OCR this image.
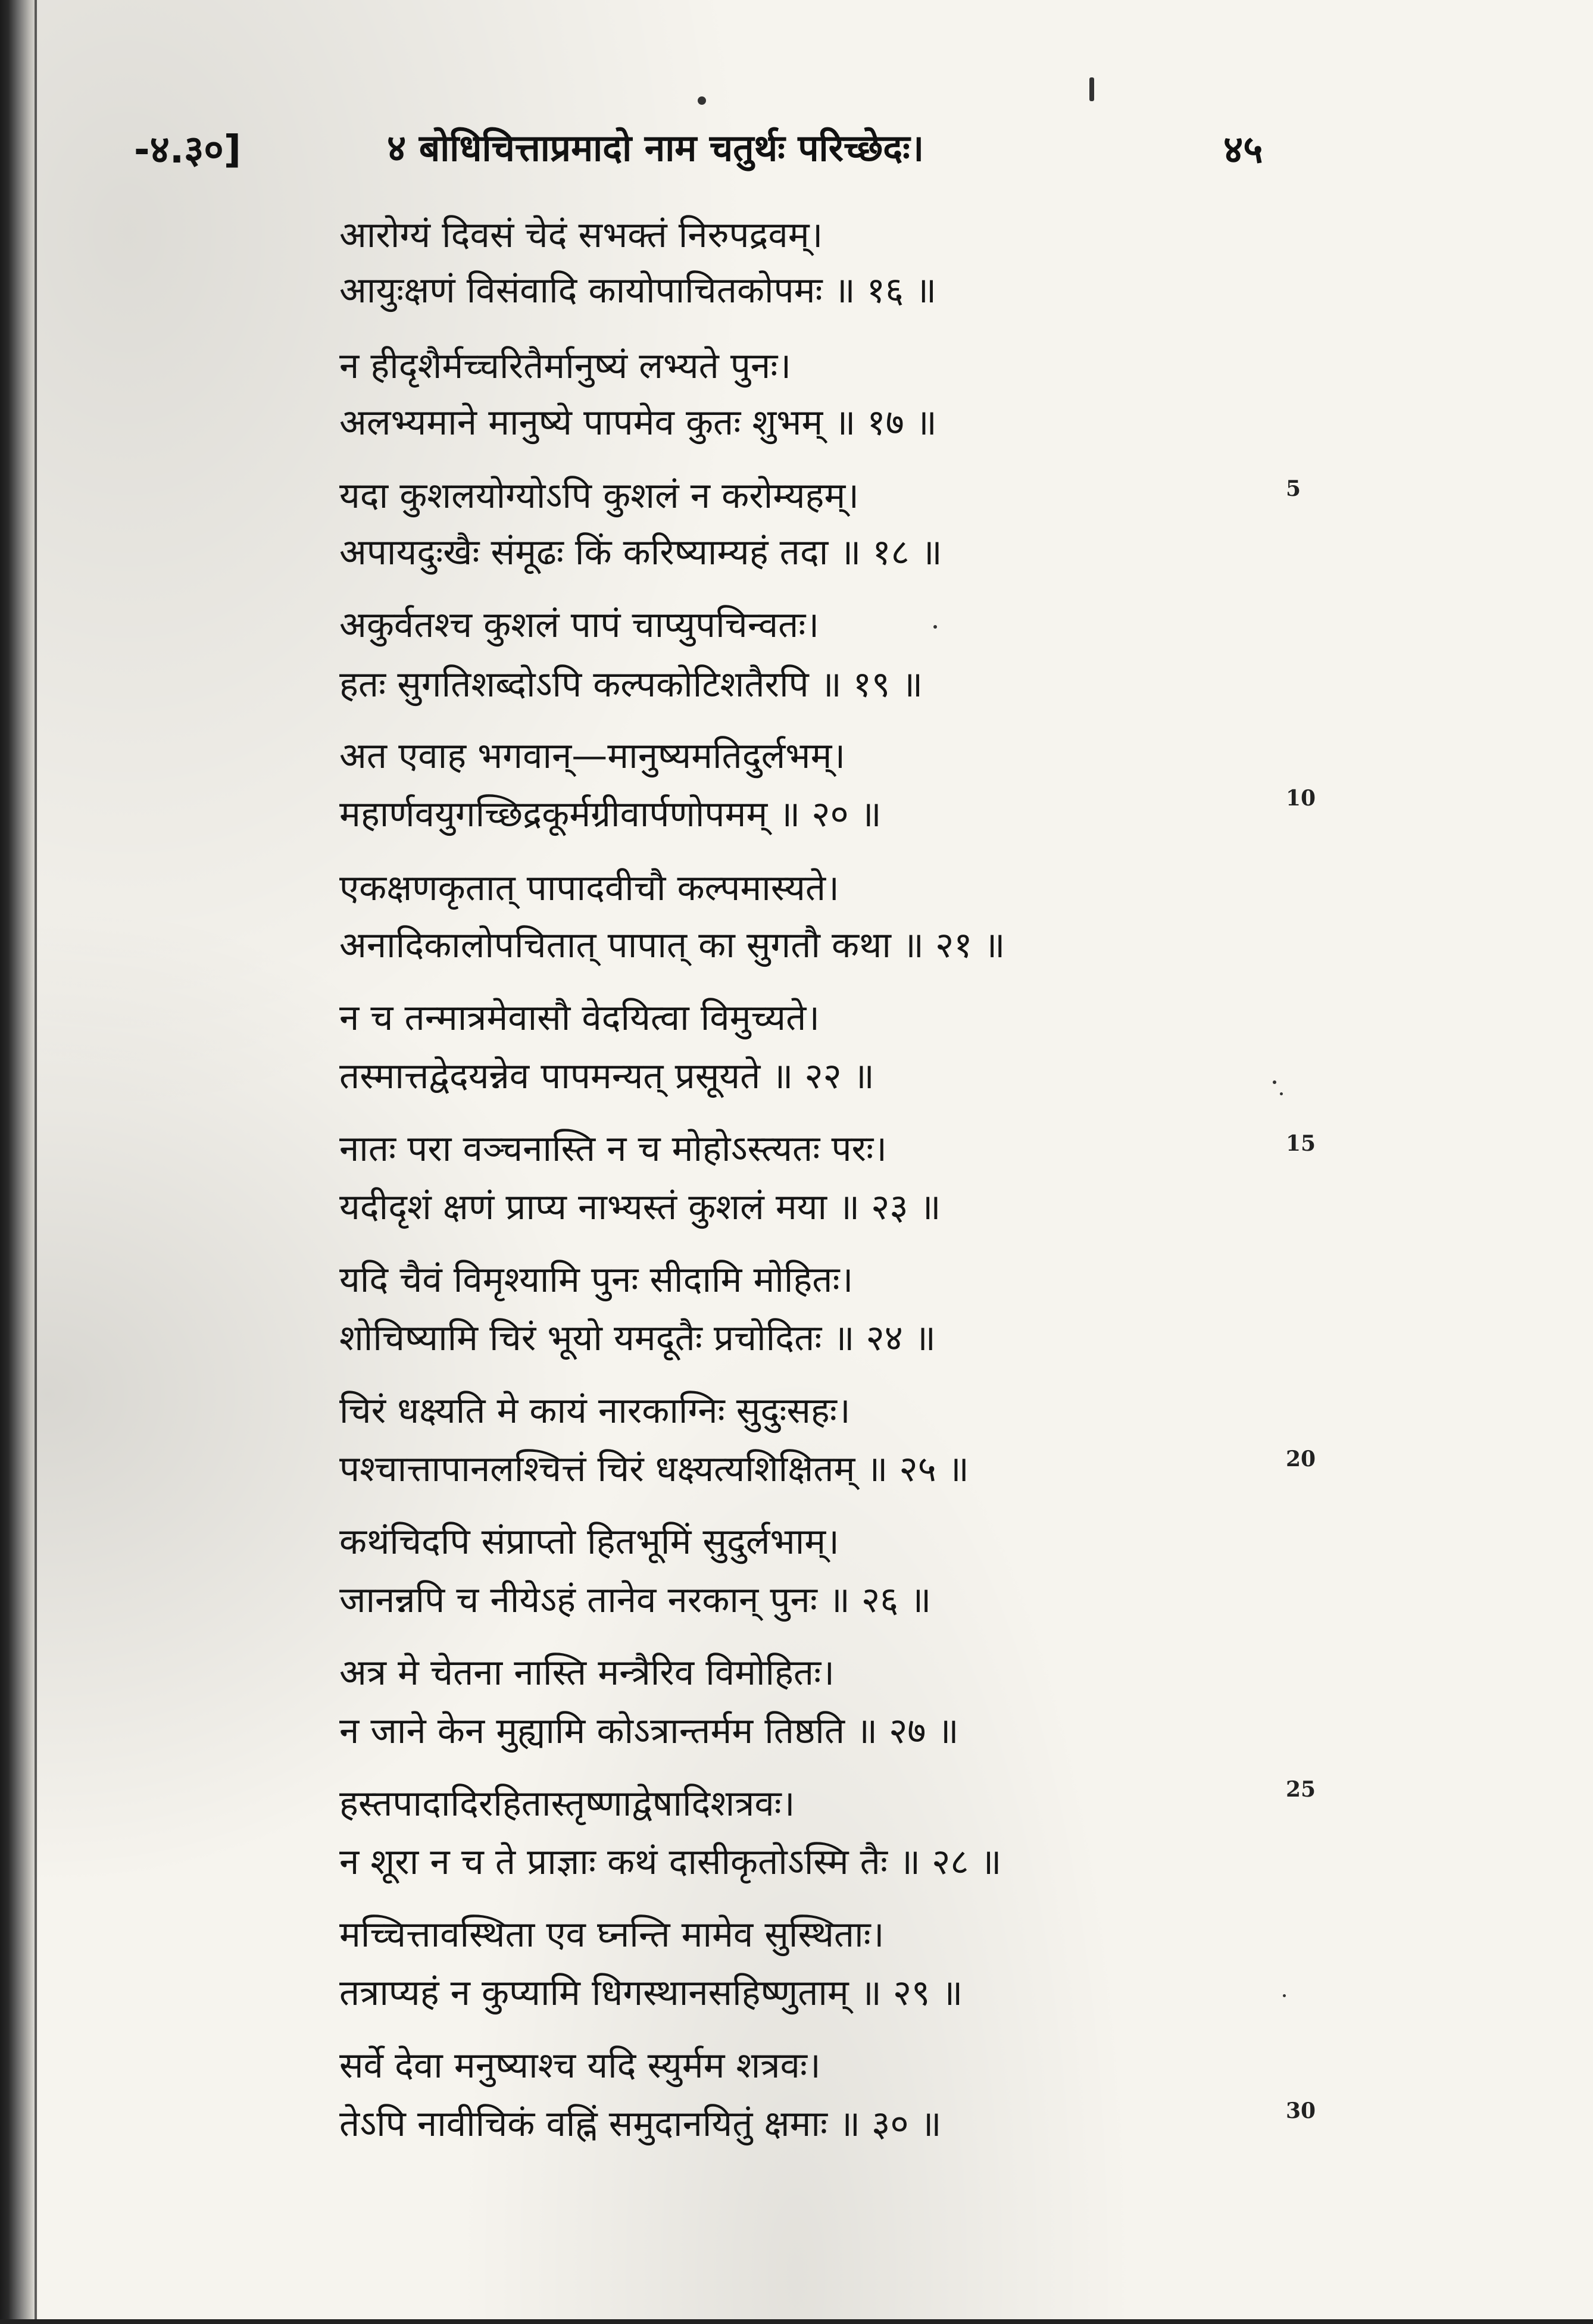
-४.३०]	४ बोधिचित्ताप्रमादो नाम चतुर्थः परिच्छेदः।	४५
आरोग्यं दिवसं चेदं सभक्तं निरुपद्रवम्।
आयुःक्षणं विसंवादि कायोपाचितकोपमः ॥ १६ ॥
न हीदृशैर्मच्चरितैर्मानुष्यं लभ्यते पुनः।
अलभ्यमाने मानुष्ये पापमेव कुतः शुभम् ॥ १७ ॥
यदा कुशलयोग्योऽपि कुशलं न करोम्यहम्।
अपायदुःखैः संमूढः किं करिष्याम्यहं तदा ॥ १८ ॥
अकुर्वतश्च कुशलं पापं चाप्युपचिन्वतः।
हतः सुगतिशब्दोऽपि कल्पकोटिशतैरपि ॥ १९ ॥
अत एवाह भगवान्—मानुष्यमतिदुर्लभम्।
महार्णवयुगच्छिद्रकूर्मग्रीवार्पणोपमम् ॥ २० ॥
एकक्षणकृतात् पापादवीचौ कल्पमास्यते।
अनादिकालोपचितात् पापात् का सुगतौ कथा ॥ २१ ॥
न च तन्मात्रमेवासौ वेदयित्वा विमुच्यते।
तस्मात्तद्वेदयन्नेव पापमन्यत् प्रसूयते ॥ २२ ॥
नातः परा वञ्चनास्ति न च मोहोऽस्त्यतः परः।
यदीदृशं क्षणं प्राप्य नाभ्यस्तं कुशलं मया ॥ २३ ॥
यदि चैवं विमृश्यामि पुनः सीदामि मोहितः।
शोचिष्यामि चिरं भूयो यमदूतैः प्रचोदितः ॥ २४ ॥
चिरं धक्ष्यति मे कायं नारकाग्निः सुदुःसहः।
पश्चात्तापानलश्चित्तं चिरं धक्ष्यत्यशिक्षितम् ॥ २५ ॥
कथंचिदपि संप्राप्तो हितभूमिं सुदुर्लभाम्।
जानन्नपि च नीयेऽहं तानेव नरकान् पुनः ॥ २६ ॥
अत्र मे चेतना नास्ति मन्त्रैरिव विमोहितः।
न जाने केन मुह्यामि कोऽत्रान्तर्मम तिष्ठति ॥ २७ ॥
हस्तपादादिरहितास्तृष्णाद्वेषादिशत्रवः।
न शूरा न च ते प्राज्ञाः कथं दासीकृतोऽस्मि तैः ॥ २८ ॥
मच्चित्तावस्थिता एव घ्नन्ति मामेव सुस्थिताः।
तत्राप्यहं न कुप्यामि धिगस्थानसहिष्णुताम् ॥ २९ ॥
सर्वे देवा मनुष्याश्च यदि स्युर्मम शत्रवः।
तेऽपि नावीचिकं वह्निं समुदानयितुं क्षमाः ॥ ३० ॥
5
10
15
20
25
30
